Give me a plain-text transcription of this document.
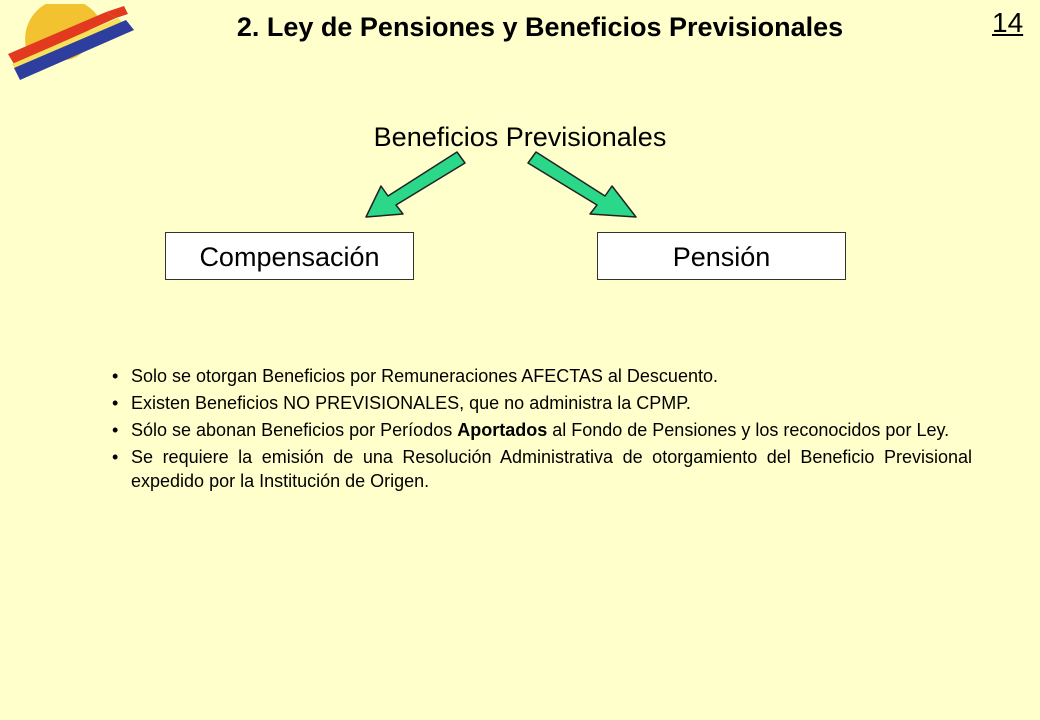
2. Ley de Pensiones y Beneficios Previsionales	14
Beneficios Previsionales
Compensación	Pensión
• Solo se otorgan Beneficios por Remuneraciones AFECTAS al Descuento.
• Existen Beneficios NO PREVISIONALES, que no administra la CPMP.
• Sólo se abonan Beneficios por Períodos Aportados al Fondo de Pensiones y los reconocidos por Ley.
• Se requiere la emisión de una Resolución Administrativa de otorgamiento del Beneficio Previsional expedido por la Institución de Origen.
